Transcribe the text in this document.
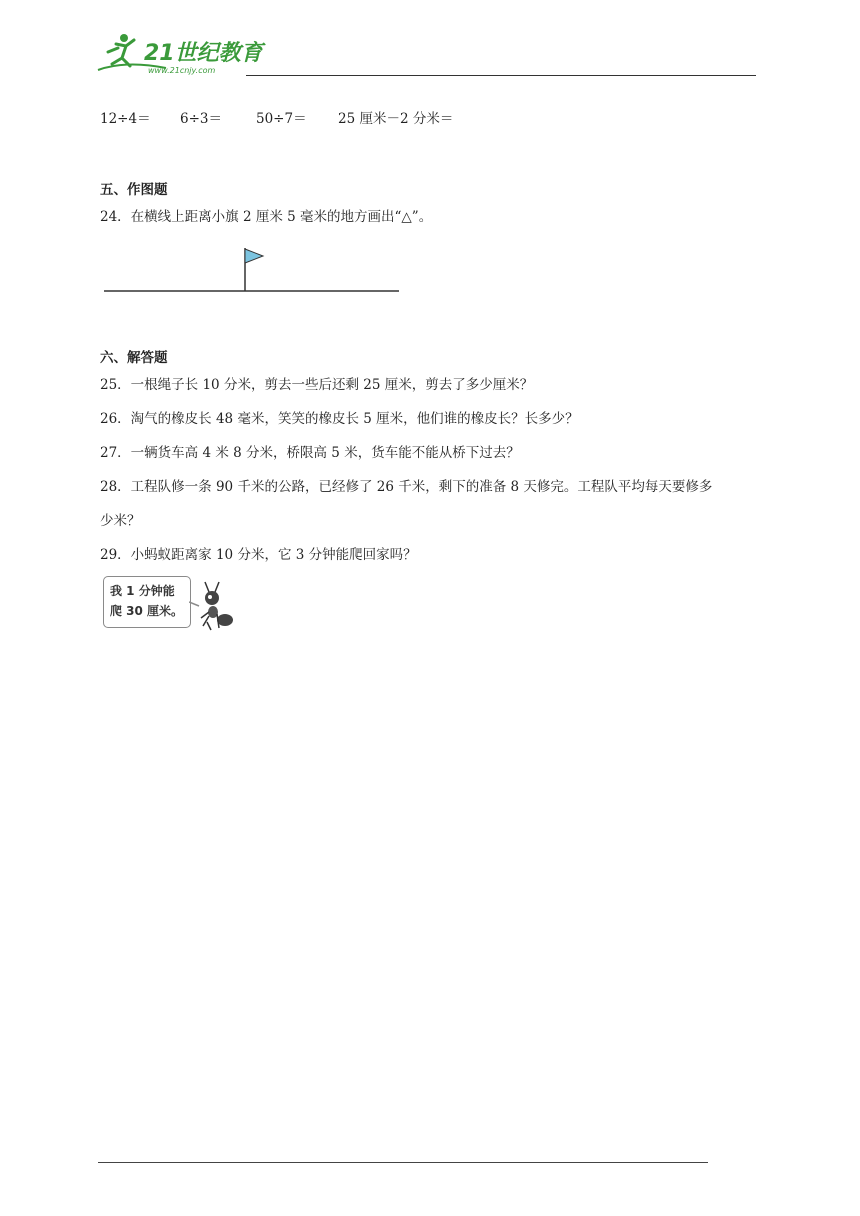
21世纪教育
www.21cnjy.com
12÷4＝ 6÷3＝	50÷7＝ 25 厘米－2 分米＝
五、作图题
24．在横线上距离小旗 2 厘米 5 毫米的地方画出“△”。
六、解答题
25．一根绳子长 10 分米，剪去一些后还剩 25 厘米，剪去了多少厘米？
26．淘气的橡皮长 48 毫米，笑笑的橡皮长 5 厘米，他们谁的橡皮长？长多少？
27．一辆货车高 4 米 8 分米，桥限高 5 米，货车能不能从桥下过去？
28．工程队修一条 90 千米的公路，已经修了 26 千米，剩下的准备 8 天修完。工程队平均每天要修多
少米？
29．小蚂蚁距离家 10 分米，它 3 分钟能爬回家吗？
我 1 分钟能
爬 30 厘米。
